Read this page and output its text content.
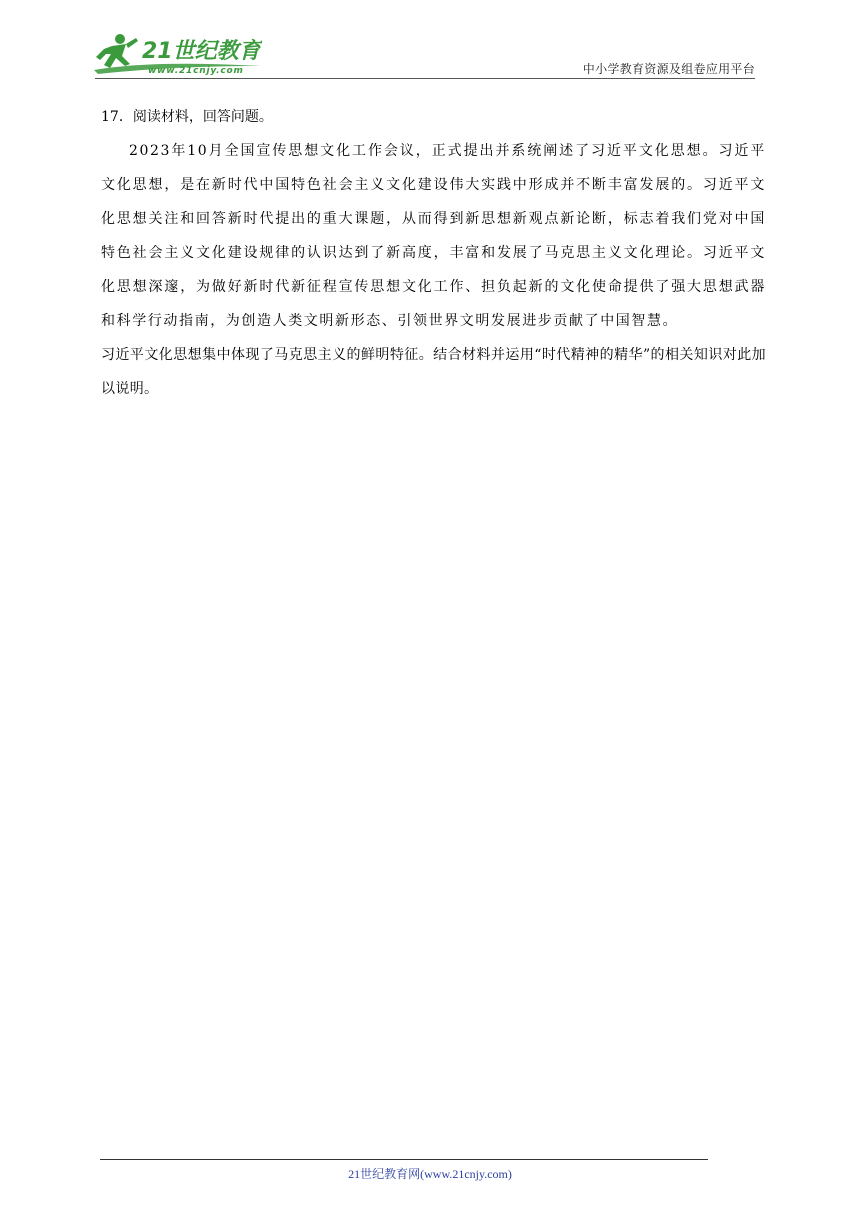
21世纪教育
www.21cnjy.com	中小学教育资源及组卷应用平台

17．阅读材料，回答问题。

2023年10月全国宣传思想文化工作会议，正式提出并系统阐述了习近平文化思想。习近平文化思想，是在新时代中国特色社会主义文化建设伟大实践中形成并不断丰富发展的。习近平文化思想关注和回答新时代提出的重大课题，从而得到新思想新观点新论断，标志着我们党对中国特色社会主义文化建设规律的认识达到了新高度，丰富和发展了马克思主义文化理论。习近平文化思想深邃，为做好新时代新征程宣传思想文化工作、担负起新的文化使命提供了强大思想武器和科学行动指南，为创造人类文明新形态、引领世界文明发展进步贡献了中国智慧。

习近平文化思想集中体现了马克思主义的鲜明特征。结合材料并运用“时代精神的精华”的相关知识对此加以说明。

21世纪教育网(www.21cnjy.com)
